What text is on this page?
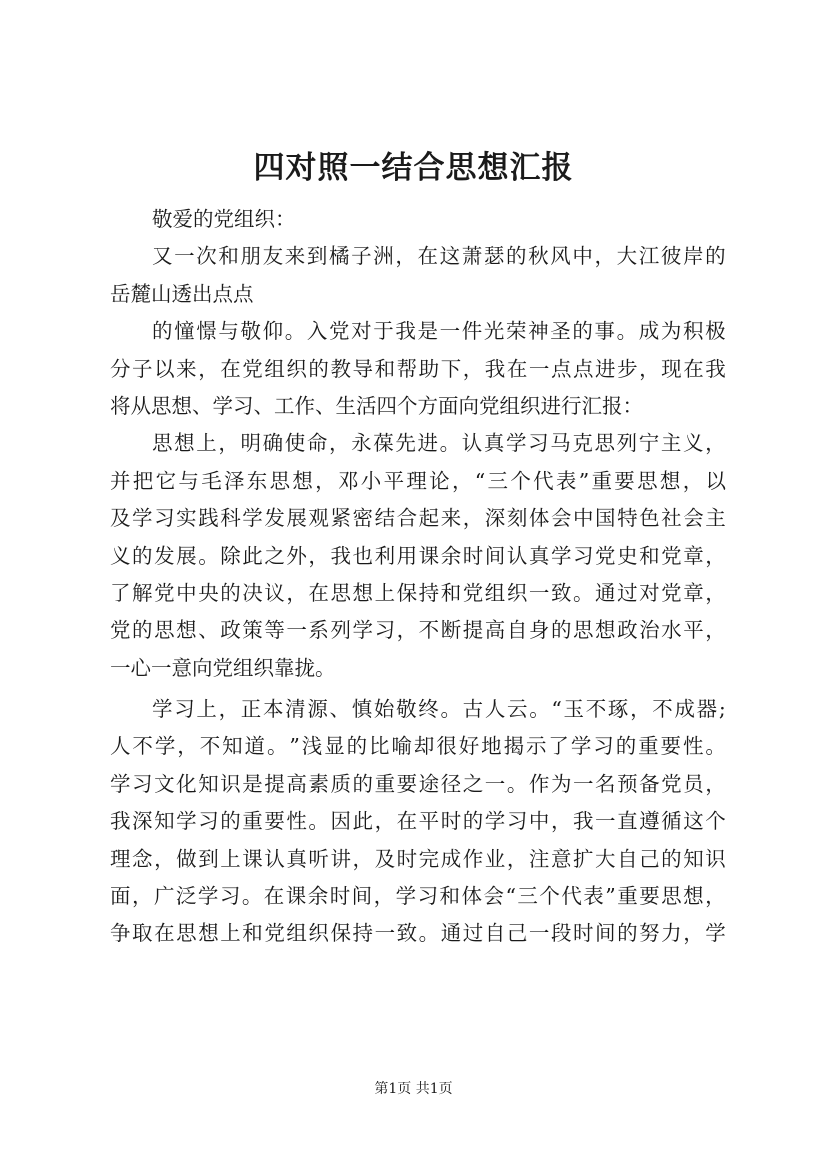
四对照一结合思想汇报
敬 爱 的 党 组 织 ：
又 一 次 和 朋 友 来 到 橘 子 洲 ， 在 这 萧 瑟 的 秋 风 中 ， 大 江 彼 岸 的
岳 麓 山 透 出 点 点
的 憧 憬 与 敬 仰 。 入 党 对 于 我 是 一 件 光 荣 神 圣 的 事 。 成 为 积 极
分 子 以 来 ， 在 党 组 织 的 教 导 和 帮 助 下 ， 我 在 一 点 点 进 步 ， 现 在 我
将 从 思 想 、 学 习 、 工 作 、 生 活 四 个 方 面 向 党 组 织 进 行 汇 报 ：
思 想 上 ， 明 确 使 命 ， 永 葆 先 进 。 认 真 学 习 马 克 思 列 宁 主 义 ，
并 把 它 与 毛 泽 东 思 想 ， 邓 小 平 理 论 ， “ 三 个 代 表 ” 重 要 思 想 ， 以
及 学 习 实 践 科 学 发 展 观 紧 密 结 合 起 来 ， 深 刻 体 会 中 国 特 色 社 会 主
义 的 发 展 。 除 此 之 外 ， 我 也 利 用 课 余 时 间 认 真 学 习 党 史 和 党 章 ，
了 解 党 中 央 的 决 议 ， 在 思 想 上 保 持 和 党 组 织 一 致 。 通 过 对 党 章 ，
党 的 思 想 、 政 策 等 一 系 列 学 习 ， 不 断 提 高 自 身 的 思 想 政 治 水 平 ，
一 心 一 意 向 党 组 织 靠 拢 。
学 习 上 ， 正 本 清 源 、 慎 始 敬 终 。 古 人 云 。 “ 玉 不 琢 ， 不 成 器 ;
人 不 学 ， 不 知 道 。 ” 浅 显 的 比 喻 却 很 好 地 揭 示 了 学 习 的 重 要 性 。
学 习 文 化 知 识 是 提 高 素 质 的 重 要 途 径 之 一 。 作 为 一 名 预 备 党 员 ，
我 深 知 学 习 的 重 要 性 。 因 此 ， 在 平 时 的 学 习 中 ， 我 一 直 遵 循 这 个
理 念 ， 做 到 上 课 认 真 听 讲 ， 及 时 完 成 作 业 ， 注 意 扩 大 自 己 的 知 识
面 ， 广 泛 学 习 。 在 课 余 时 间 ， 学 习 和 体 会 “ 三 个 代 表 ” 重 要 思 想 ，
争 取 在 思 想 上 和 党 组 织 保 持 一 致 。 通 过 自 己 一 段 时 间 的 努 力 ， 学
第1页 共1页
